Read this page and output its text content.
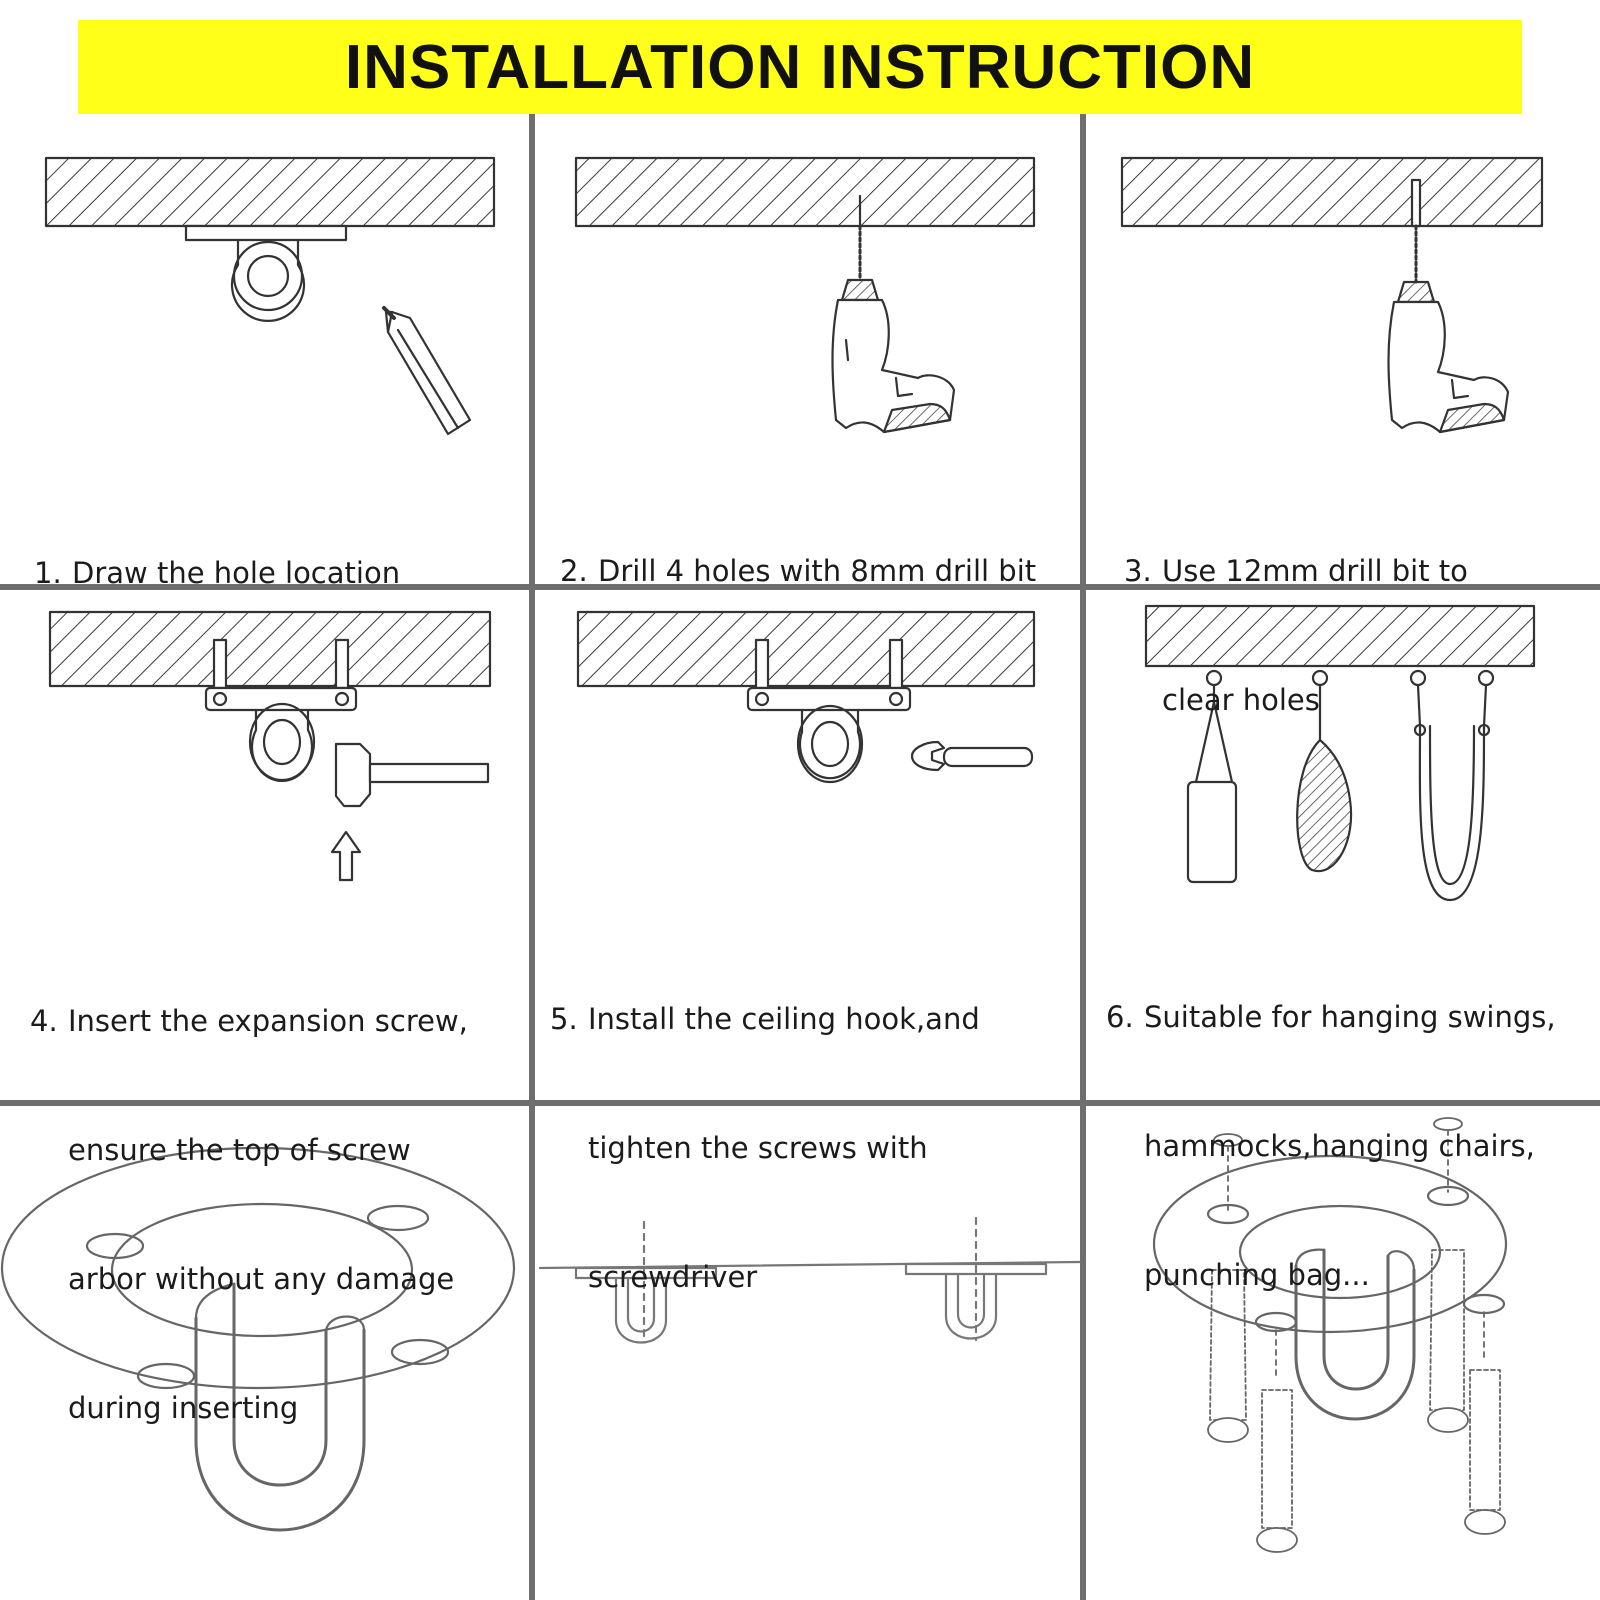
INSTALLATION INSTRUCTION

1. Draw the hole location

	2. Drill 4 holes with 8mm drill bit

	3. Use 12mm drill bit to

clear holes

4. Insert the expansion screw,

ensure the top of screw

arbor without any damage

during inserting

5. Install the ceiling hook,and

tighten the screws with

screwdriver

6. Suitable for hanging swings,

hammocks,hanging chairs,

punching bag...
